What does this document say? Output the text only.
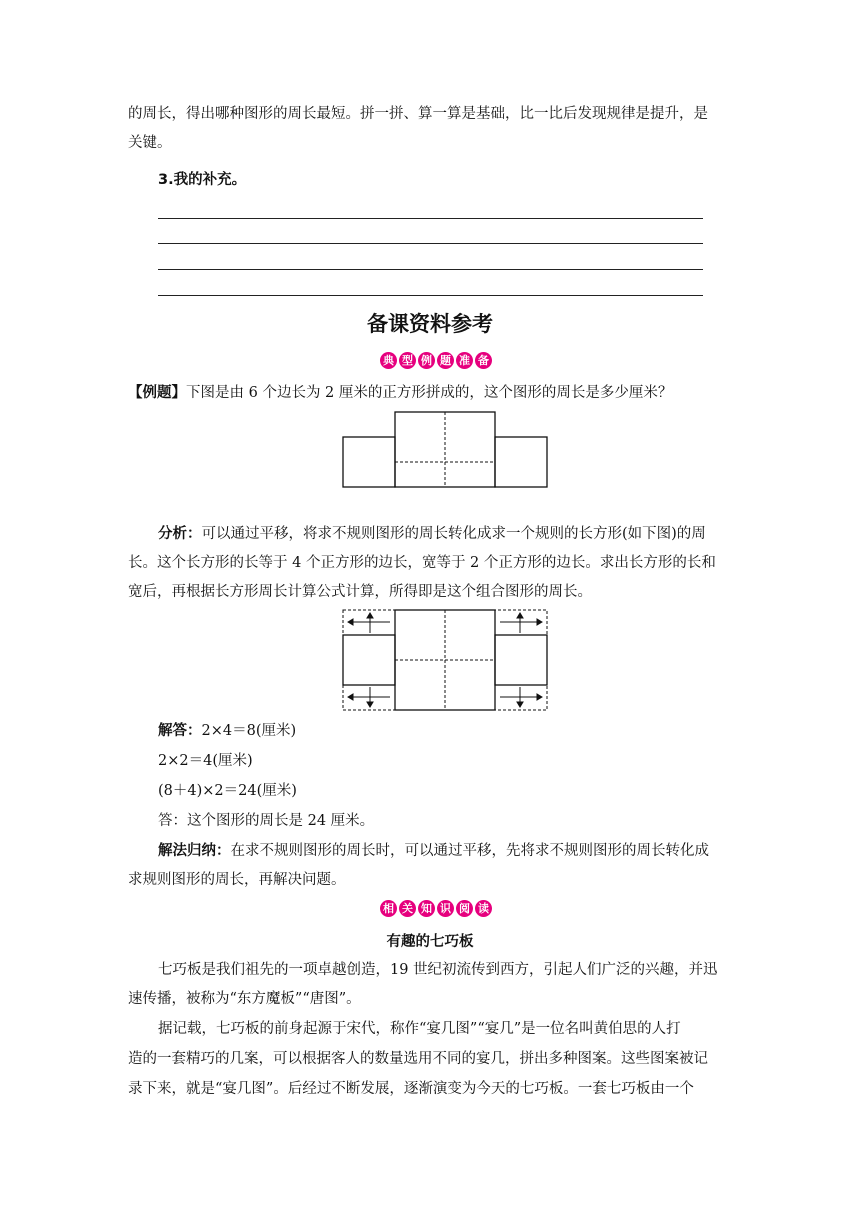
的周长，得出哪种图形的周长最短。拼一拼、算一算是基础，比一比后发现规律是提升，是
关键。
3.我的补充。
备课资料参考
典 型 例 题 准 备
【例题】下图是由 6 个边长为 2 厘米的正方形拼成的，这个图形的周长是多少厘米？
分析：可以通过平移，将求不规则图形的周长转化成求一个规则的长方形(如下图)的周
长。这个长方形的长等于 4 个正方形的边长，宽等于 2 个正方形的边长。求出长方形的长和
宽后，再根据长方形周长计算公式计算，所得即是这个组合图形的周长。
解答：2×4＝8(厘米)
2×2＝4(厘米)
(8＋4)×2＝24(厘米)
答：这个图形的周长是 24 厘米。
解法归纳：在求不规则图形的周长时，可以通过平移，先将求不规则图形的周长转化成
求规则图形的周长，再解决问题。
相 关 知 识 阅 读
有趣的七巧板
七巧板是我们祖先的一项卓越创造，19 世纪初流传到西方，引起人们广泛的兴趣，并迅
速传播，被称为“东方魔板”“唐图”。
据记载，七巧板的前身起源于宋代，称作“宴几图”“宴几”是一位名叫黄伯思的人打
造的一套精巧的几案，可以根据客人的数量选用不同的宴几，拼出多种图案。这些图案被记
录下来，就是“宴几图”。后经过不断发展，逐渐演变为今天的七巧板。一套七巧板由一个
